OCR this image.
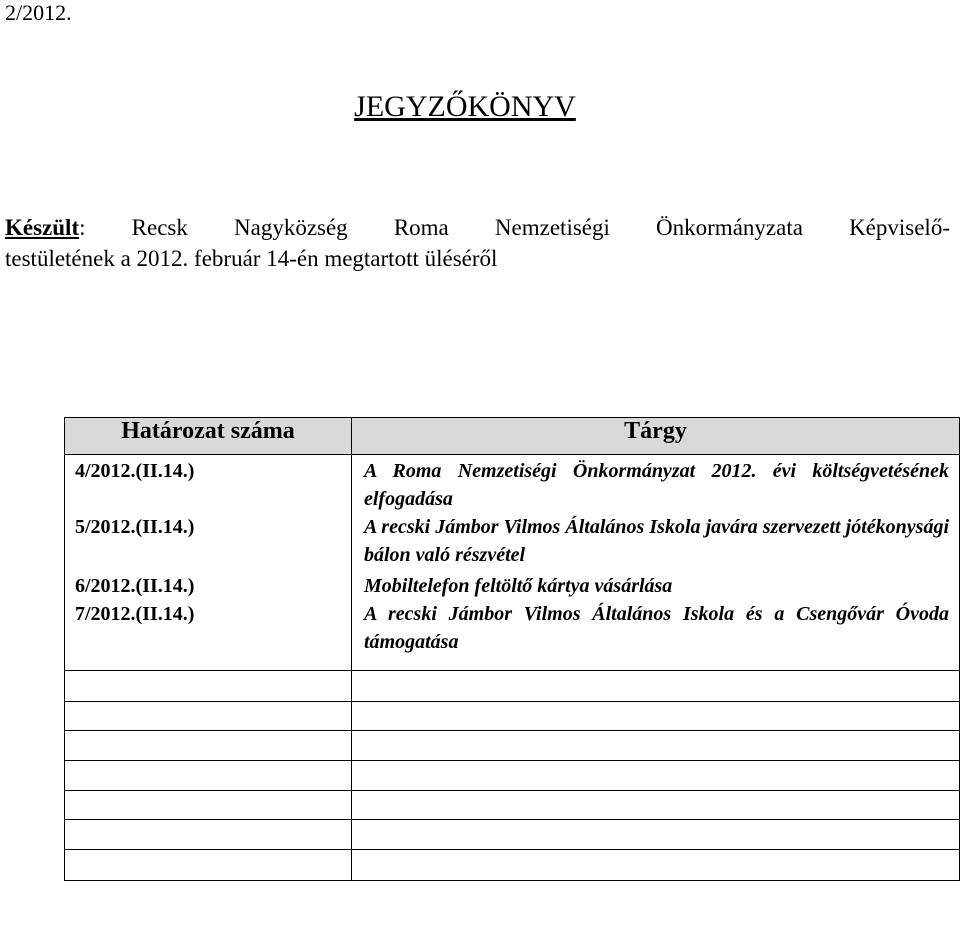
2/2012.
JEGYZŐKÖNYV
Készült: Recsk Nagyközség Roma Nemzetiségi Önkormányzata Képviselő-
testületének a 2012. február 14-én megtartott üléséről
Határozat száma	Tárgy
4/2012.(II.14.)	A Roma Nemzetiségi Önkormányzat 2012. évi költségvetésének elfogadása
5/2012.(II.14.)	A recski Jámbor Vilmos Általános Iskola javára szervezett jótékonysági bálon való részvétel
6/2012.(II.14.)	Mobiltelefon feltöltő kártya vásárlása
7/2012.(II.14.)	A recski Jámbor Vilmos Általános Iskola és a Csengővár Óvoda támogatása
